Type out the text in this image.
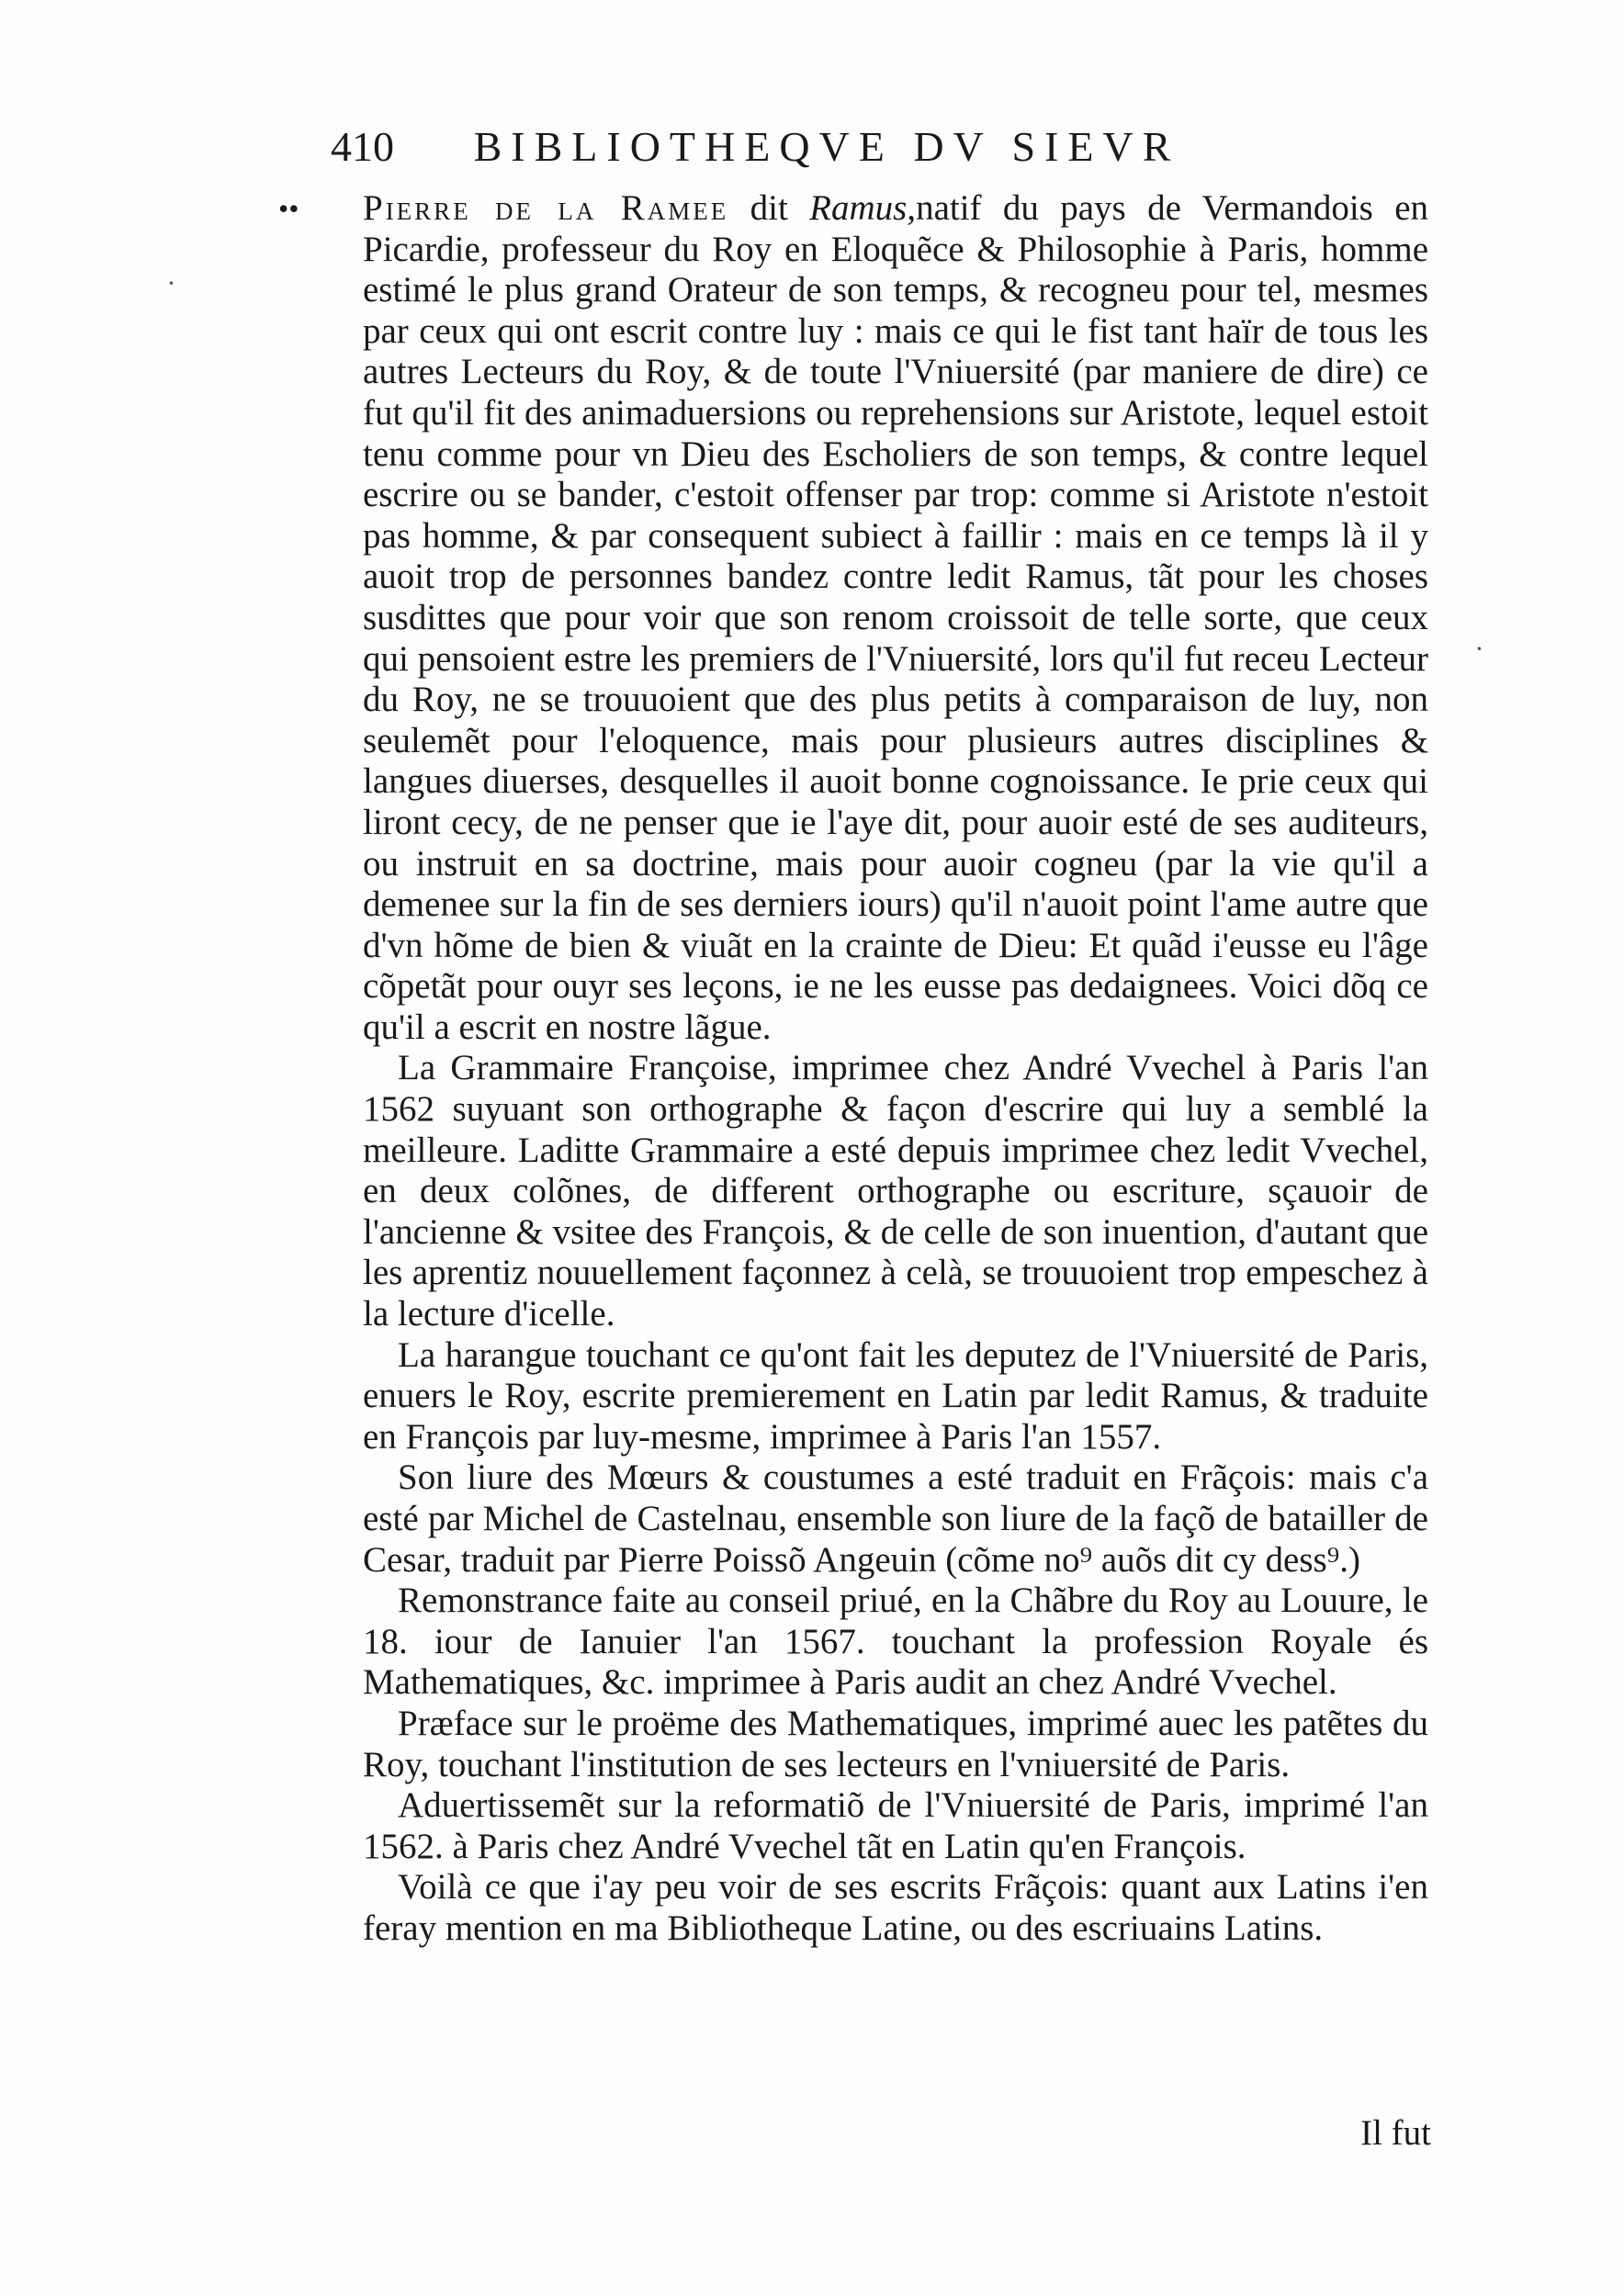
410	BIBLIOTHEQVE DV SIEVR

•• Pierre de la Ramee dit Ramus,natif du pays de Vermandois en Picardie, professeur du Roy en Eloquẽce & Philosophie à Paris, homme estimé le plus grand Orateur de son temps, & recogneu pour tel, mesmes par ceux qui ont escrit contre luy : mais ce qui le fist tant haïr de tous les autres Lecteurs du Roy, & de toute l'Vniuersité (par maniere de dire) ce fut qu'il fit des animaduersions ou reprehensions sur Aristote, lequel estoit tenu comme pour vn Dieu des Escholiers de son temps, & contre lequel escrire ou se bander, c'estoit offenser par trop: comme si Aristote n'estoit pas homme, & par consequent subiect à faillir : mais en ce temps là il y auoit trop de personnes bandez contre ledit Ramus, tãt pour les choses susdittes que pour voir que son renom croissoit de telle sorte, que ceux qui pensoient estre les premiers de l'Vniuersité, lors qu'il fut receu Lecteur du Roy, ne se trouuoient que des plus petits à comparaison de luy, non seulemẽt pour l'eloquence, mais pour plusieurs autres disciplines & langues diuerses, desquelles il auoit bonne cognoissance. Ie prie ceux qui liront cecy, de ne penser que ie l'aye dit, pour auoir esté de ses auditeurs, ou instruit en sa doctrine, mais pour auoir cogneu (par la vie qu'il a demenee sur la fin de ses derniers iours) qu'il n'auoit point l'ame autre que d'vn hõme de bien & viuãt en la crainte de Dieu: Et quãd i'eusse eu l'âge cõpetãt pour ouyr ses leçons, ie ne les eusse pas dedaignees. Voici dõq ce qu'il a escrit en nostre lãgue.

La Grammaire Françoise, imprimee chez André Vvechel à Paris l'an 1562 suyuant son orthographe & façon d'escrire qui luy a semblé la meilleure. Laditte Grammaire a esté depuis imprimee chez ledit Vvechel, en deux colõnes, de different orthographe ou escriture, sçauoir de l'ancienne & vsitee des François, & de celle de son inuention, d'autant que les aprentiz nouuellement façonnez à celà, se trouuoient trop empeschez à la lecture d'icelle.

La harangue touchant ce qu'ont fait les deputez de l'Vniuersité de Paris, enuers le Roy, escrite premierement en Latin par ledit Ramus, & traduite en François par luy-mesme, imprimee à Paris l'an 1557.

Son liure des Mœurs & coustumes a esté traduit en Frãçois: mais c'a esté par Michel de Castelnau, ensemble son liure de la façõ de batailler de Cesar, traduit par Pierre Poissõ Angeuin (cõme no⁹ auõs dit cy dess⁹.)

Remonstrance faite au conseil priué, en la Chãbre du Roy au Louure, le 18. iour de Ianuier l'an 1567. touchant la profession Royale és Mathematiques, &c. imprimee à Paris audit an chez André Vvechel.

Præface sur le proëme des Mathematiques, imprimé auec les patẽtes du Roy, touchant l'institution de ses lecteurs en l'vniuersité de Paris.

Aduertissemẽt sur la reformatiõ de l'Vniuersité de Paris, imprimé l'an 1562. à Paris chez André Vvechel tãt en Latin qu'en François.

Voilà ce que i'ay peu voir de ses escrits Frãçois: quant aux Latins i'en feray mention en ma Bibliotheque Latine, ou des escriuains Latins.

Il fut
·
·
